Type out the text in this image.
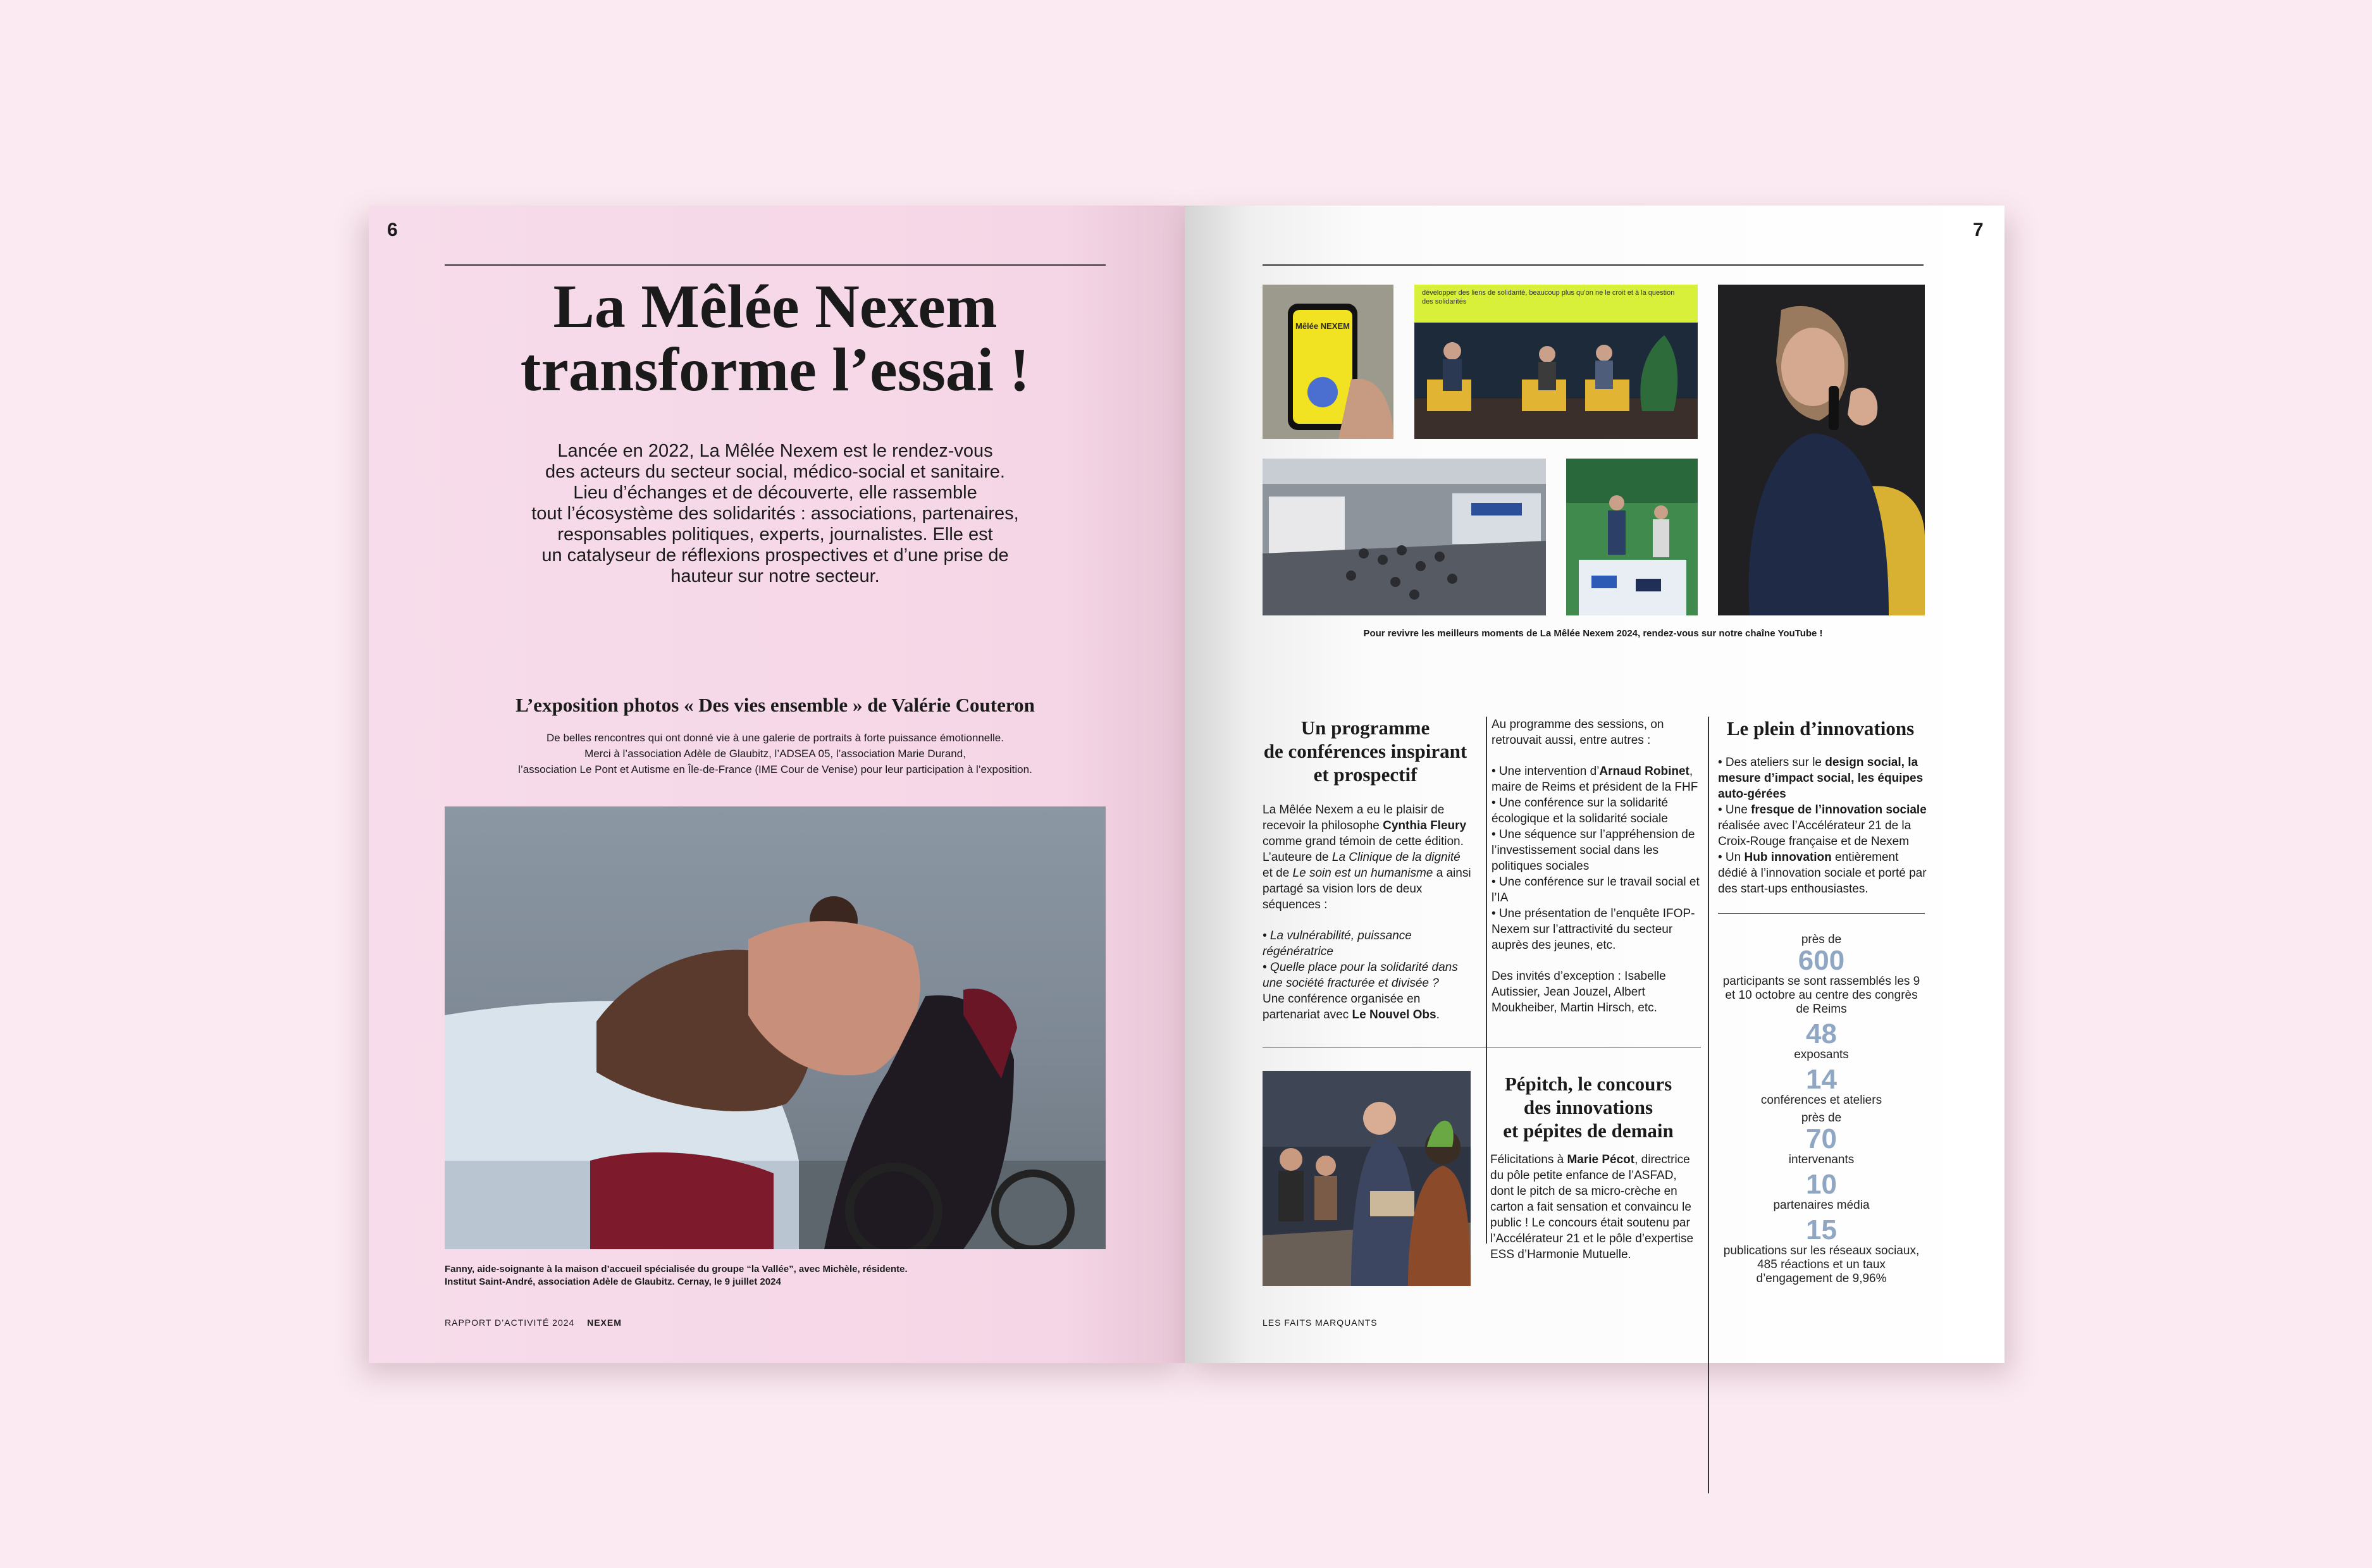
6
La Mêlée Nexem
transforme l’essai !
Lancée en 2022, La Mêlée Nexem est le rendez-vous
des acteurs du secteur social, médico-social et sanitaire.
Lieu d’échanges et de découverte, elle rassemble
tout l’écosystème des solidarités : associations, partenaires,
responsables politiques, experts, journalistes. Elle est
un catalyseur de réflexions prospectives et d’une prise de
hauteur sur notre secteur.
L’exposition photos « Des vies ensemble » de Valérie Couteron
De belles rencontres qui ont donné vie à une galerie de portraits à forte puissance émotionnelle.
Merci à l’association Adèle de Glaubitz, l’ADSEA 05, l’association Marie Durand,
l’association Le Pont et Autisme en Île-de-France (IME Cour de Venise) pour leur participation à l’exposition.
Fanny, aide-soignante à la maison d’accueil spécialisée du groupe “la Vallée”, avec Michèle, résidente.
Institut Saint-André, association Adèle de Glaubitz. Cernay, le 9 juillet 2024
RAPPORT D’ACTIVITÉ 2024 NEXEM
7
Mêlée NEXEM
développer des liens de solidarité, beaucoup plus qu’on ne le croit et à la question des solidarités
Pour revivre les meilleurs moments de La Mêlée Nexem 2024, rendez-vous sur notre chaîne YouTube !
Un programme
de conférences inspirant
et prospectif
La Mêlée Nexem a eu le plaisir de recevoir la philosophe Cynthia Fleury comme grand témoin de cette édition. L’auteure de La Clinique de la dignité et de Le soin est un humanisme a ainsi partagé sa vision lors de deux séquences :
• La vulnérabilité, puissance régénératrice
• Quelle place pour la solidarité dans une société fracturée et divisée ?
Une conférence organisée en partenariat avec Le Nouvel Obs.
Au programme des sessions, on retrouvait aussi, entre autres :
• Une intervention d’Arnaud Robinet, maire de Reims et président de la FHF
• Une conférence sur la solidarité écologique et la solidarité sociale
• Une séquence sur l’appréhension de l’investissement social dans les politiques sociales
• Une conférence sur le travail social et l’IA
• Une présentation de l’enquête IFOP-Nexem sur l’attractivité du secteur auprès des jeunes, etc.
Des invités d’exception : Isabelle Autissier, Jean Jouzel, Albert Moukheiber, Martin Hirsch, etc.
Le plein d’innovations
• Des ateliers sur le design social, la mesure d’impact social, les équipes auto-gérées
• Une fresque de l’innovation sociale réalisée avec l’Accélérateur 21 de la Croix-Rouge française et de Nexem
• Un Hub innovation entièrement dédié à l’innovation sociale et porté par des start-ups enthousiastes.
près de
600
participants se sont rassemblés les 9 et 10 octobre au centre des congrès de Reims
48
exposants
14
conférences et ateliers
près de
70
intervenants
10
partenaires média
15
publications sur les réseaux sociaux, 485 réactions et un taux d’engagement de 9,96%
Pépitch, le concours
des innovations
et pépites de demain
Félicitations à Marie Pécot, directrice du pôle petite enfance de l’ASFAD, dont le pitch de sa micro-crèche en carton a fait sensation et convaincu le public ! Le concours était soutenu par l’Accélérateur 21 et le pôle d’expertise ESS d’Harmonie Mutuelle.
LES FAITS MARQUANTS
